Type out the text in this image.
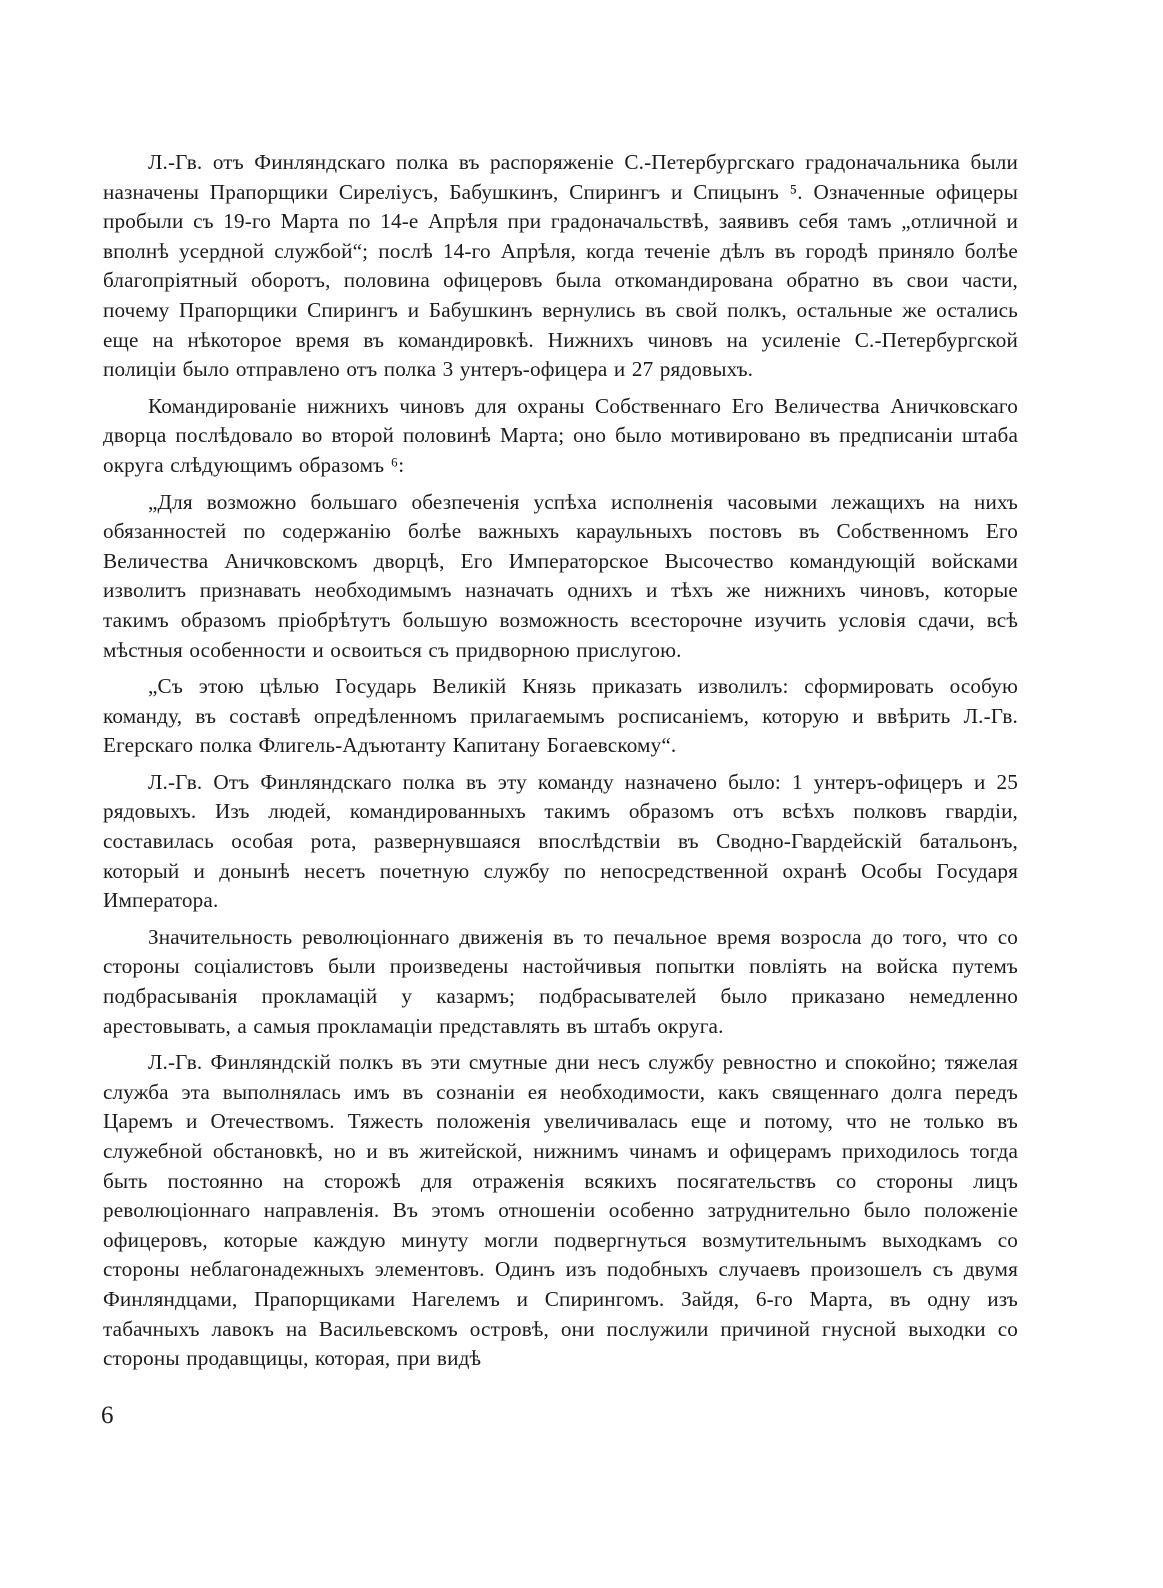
Л.-Гв. отъ Финляндскаго полка въ распоряженіе С.-Петербургскаго градоначальника были назначены Прапорщики Сирелiусъ, Бабушкинъ, Спирингъ и Спицынъ ⁵. Означенные офицеры пробыли съ 19-го Марта по 14-е Апрѣля при градоначальствѣ, заявивъ себя тамъ „отличной и вполнѣ усердной службой“; послѣ 14-го Апрѣля, когда теченіе дѣлъ въ городѣ приняло болѣе благопріятный оборотъ, половина офицеровъ была откомандирована обратно въ свои части, почему Прапорщики Спирингъ и Бабушкинъ вернулись въ свой полкъ, остальные же остались еще на нѣкоторое время въ командировкѣ. Нижнихъ чиновъ на усиленіе С.-Петербургской полиціи было отправлено отъ полка 3 унтеръ-офицера и 27 рядовыхъ.

Командированіе нижнихъ чиновъ для охраны Собственнаго Его Величества Аничковскаго дворца послѣдовало во второй половинѣ Марта; оно было мотивировано въ предписаніи штаба округа слѣдующимъ образомъ ⁶:

„Для возможно большаго обезпеченія успѣха исполненія часовыми лежащихъ на нихъ обязанностей по содержанію болѣе важныхъ караульныхъ постовъ въ Собственномъ Его Величества Аничковскомъ дворцѣ, Его Императорское Высочество командующій войсками изволитъ признавать необходимымъ назначать однихъ и тѣхъ же нижнихъ чиновъ, которые такимъ образомъ пріобрѣтутъ большую возможность всесторочне изучить условія сдачи, всѣ мѣстныя особенности и освоиться съ придворною прислугою.

„Съ этою цѣлью Государь Великій Князь приказать изволилъ: сформировать особую команду, въ составѣ опредѣленномъ прилагаемымъ росписаніемъ, которую и ввѣрить Л.-Гв. Егерскаго полка Флигель-Адъютанту Капитану Богаевскому“.

Л.-Гв. Отъ Финляндскаго полка въ эту команду назначено было: 1 унтеръ-офицеръ и 25 рядовыхъ. Изъ людей, командированныхъ такимъ образомъ отъ всѣхъ полковъ гвардіи, составилась особая рота, развернувшаяся впослѣдствіи въ Сводно-Гвардейскій батальонъ, который и донынѣ несетъ почетную службу по непосредственной охранѣ Особы Государя Императора.

Значительность революціоннаго движенія въ то печальное время возросла до того, что со стороны соціалистовъ были произведены настойчивыя попытки повліять на войска путемъ подбрасыванія прокламацій у казармъ; подбрасывателей было приказано немедленно арестовывать, а самыя прокламаціи представлять въ штабъ округа.

Л.-Гв. Финляндскій полкъ въ эти смутные дни несъ службу ревностно и спокойно; тяжелая служба эта выполнялась имъ въ сознаніи ея необходимости, какъ священнаго долга передъ Царемъ и Отечествомъ. Тяжесть положенія увеличивалась еще и потому, что не только въ служебной обстановкѣ, но и въ житейской, нижнимъ чинамъ и офицерамъ приходилось тогда быть постоянно на сторожѣ для отраженія всякихъ посягательствъ со стороны лицъ революціоннаго направленія. Въ этомъ отношеніи особенно затруднительно было положеніе офицеровъ, которые каждую минуту могли подвергнуться возмутительнымъ выходкамъ со стороны неблагонадежныхъ элементовъ. Одинъ изъ подобныхъ случаевъ произошелъ съ двумя Финляндцами, Прапорщиками Нагелемъ и Спирингомъ. Зайдя, 6-го Марта, въ одну изъ табачныхъ лавокъ на Васильевскомъ островѣ, они послужили причиной гнусной выходки со стороны продавщицы, которая, при видѣ

6
